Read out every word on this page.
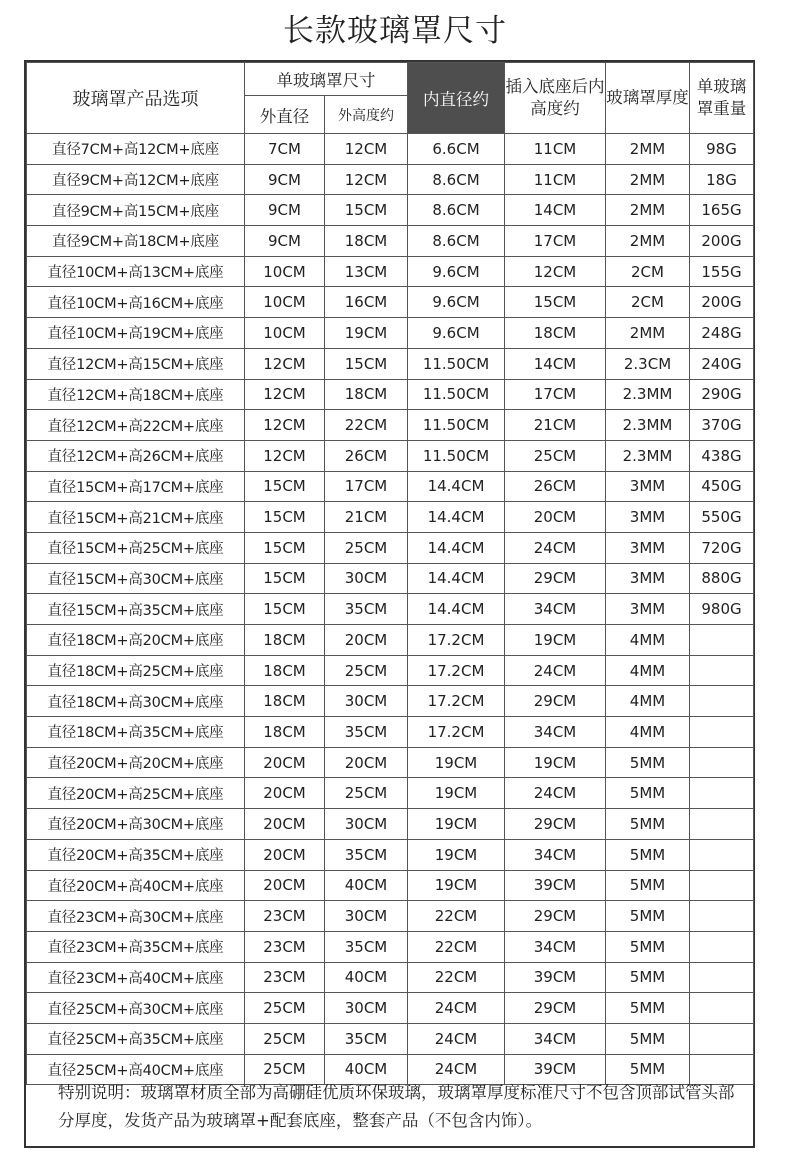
长款玻璃罩尺寸
玻璃罩产品选项	单玻璃罩尺寸		内直径约	插入底座后内高度约	玻璃罩厚度	单玻璃罩重量
	外直径	外高度约				
直径7CM+高12CM+底座	7CM	12CM	6.6CM	11CM	2MM	98G
直径9CM+高12CM+底座	9CM	12CM	8.6CM	11CM	2MM	18G
直径9CM+高15CM+底座	9CM	15CM	8.6CM	14CM	2MM	165G
直径9CM+高18CM+底座	9CM	18CM	8.6CM	17CM	2MM	200G
直径10CM+高13CM+底座	10CM	13CM	9.6CM	12CM	2CM	155G
直径10CM+高16CM+底座	10CM	16CM	9.6CM	15CM	2CM	200G
直径10CM+高19CM+底座	10CM	19CM	9.6CM	18CM	2MM	248G
直径12CM+高15CM+底座	12CM	15CM	11.50CM	14CM	2.3CM	240G
直径12CM+高18CM+底座	12CM	18CM	11.50CM	17CM	2.3MM	290G
直径12CM+高22CM+底座	12CM	22CM	11.50CM	21CM	2.3MM	370G
直径12CM+高26CM+底座	12CM	26CM	11.50CM	25CM	2.3MM	438G
直径15CM+高17CM+底座	15CM	17CM	14.4CM	26CM	3MM	450G
直径15CM+高21CM+底座	15CM	21CM	14.4CM	20CM	3MM	550G
直径15CM+高25CM+底座	15CM	25CM	14.4CM	24CM	3MM	720G
直径15CM+高30CM+底座	15CM	30CM	14.4CM	29CM	3MM	880G
直径15CM+高35CM+底座	15CM	35CM	14.4CM	34CM	3MM	980G
直径18CM+高20CM+底座	18CM	20CM	17.2CM	19CM	4MM	
直径18CM+高25CM+底座	18CM	25CM	17.2CM	24CM	4MM	
直径18CM+高30CM+底座	18CM	30CM	17.2CM	29CM	4MM	
直径18CM+高35CM+底座	18CM	35CM	17.2CM	34CM	4MM	
直径20CM+高20CM+底座	20CM	20CM	19CM	19CM	5MM	
直径20CM+高25CM+底座	20CM	25CM	19CM	24CM	5MM	
直径20CM+高30CM+底座	20CM	30CM	19CM	29CM	5MM	
直径20CM+高35CM+底座	20CM	35CM	19CM	34CM	5MM	
直径20CM+高40CM+底座	20CM	40CM	19CM	39CM	5MM	
直径23CM+高30CM+底座	23CM	30CM	22CM	29CM	5MM	
直径23CM+高35CM+底座	23CM	35CM	22CM	34CM	5MM	
直径23CM+高40CM+底座	23CM	40CM	22CM	39CM	5MM	
直径25CM+高30CM+底座	25CM	30CM	24CM	29CM	5MM	
直径25CM+高35CM+底座	25CM	35CM	24CM	34CM	5MM	
直径25CM+高40CM+底座	25CM	40CM	24CM	39CM	5MM	
特别说明：玻璃罩材质全部为高硼硅优质环保玻璃，玻璃罩厚度标准尺寸不包含顶部试管头部分厚度，发货产品为玻璃罩+配套底座，整套产品（不包含内饰）。
